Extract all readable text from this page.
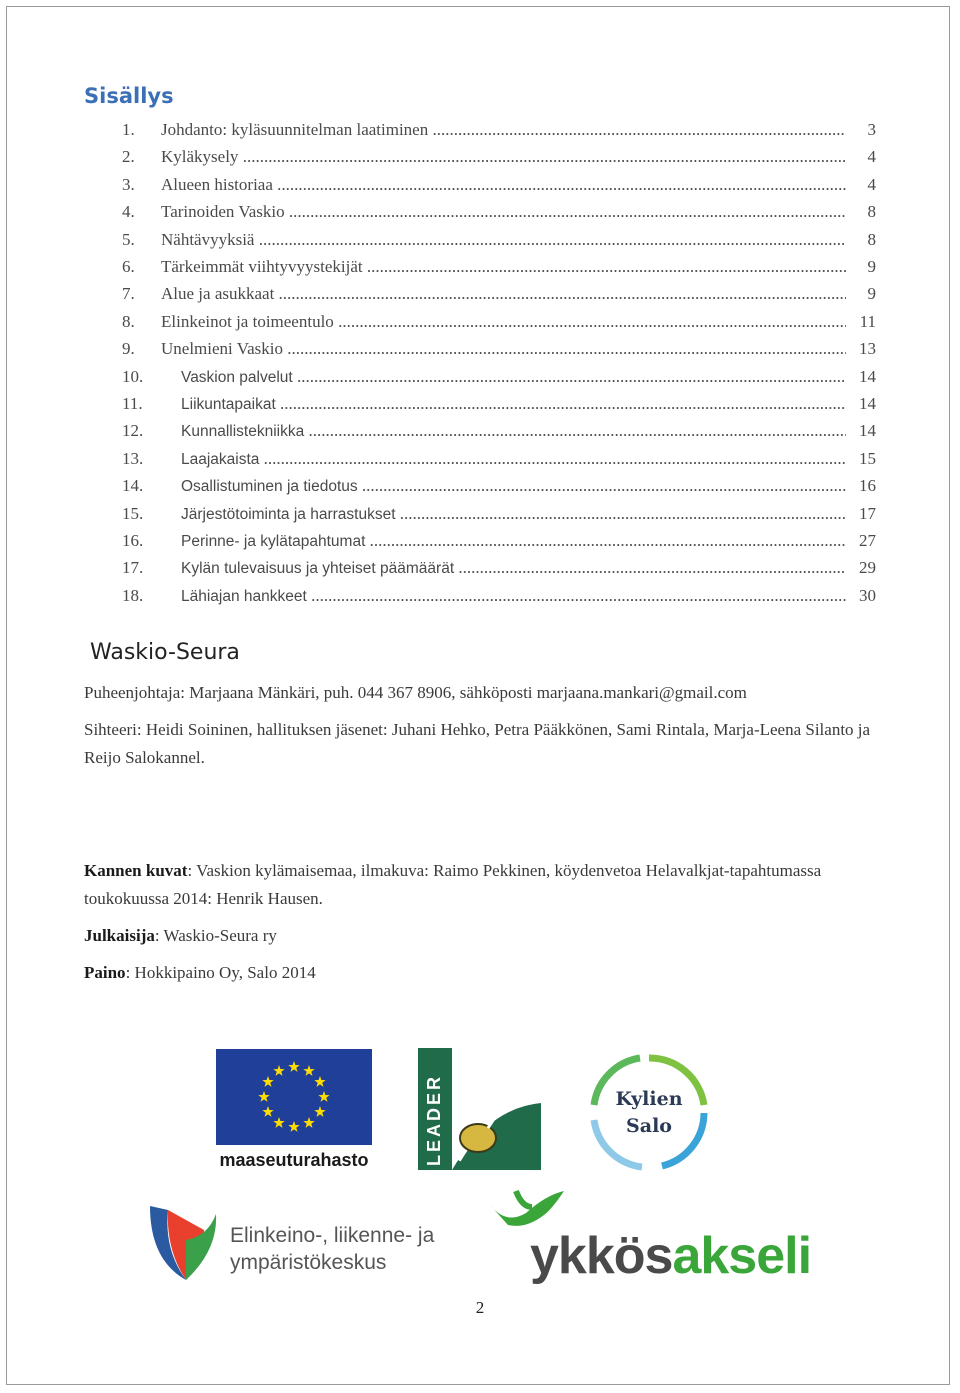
Sisällys
1.	Johdanto: kyläsuunnitelman laatiminen .....	3
2.	Kyläkysely .....	4
3.	Alueen historiaa .....	4
4.	Tarinoiden Vaskio .....	8
5.	Nähtävyyksiä .....	8
6.	Tärkeimmät viihtyvyystekijät .....	9
7.	Alue ja asukkaat .....	9
8.	Elinkeinot ja toimeentulo .....	11
9.	Unelmieni Vaskio .....	13
10.	Vaskion palvelut .....	14
11.	Liikuntapaikat .....	14
12.	Kunnallistekniikka .....	14
13.	Laajakaista .....	15
14.	Osallistuminen ja tiedotus .....	16
15.	Järjestötoiminta ja harrastukset .....	17
16.	Perinne- ja kylätapahtumat .....	27
17.	Kylän tulevaisuus ja yhteiset päämäärät .....	29
18.	Lähiajan hankkeet .....	30
Waskio-Seura

Puheenjohtaja: Marjaana Mänkäri, puh. 044 367 8906, sähköposti marjaana.mankari@gmail.com

Sihteeri: Heidi Soininen, hallituksen jäsenet: Juhani Hehko, Petra Pääkkönen, Sami Rintala, Marja-Leena Silanto ja Reijo Salokannel.

Kannen kuvat: Vaskion kylämaisemaa, ilmakuva: Raimo Pekkinen, köydenvetoa Helavalkjat-tapahtumassa toukokuussa 2014: Henrik Hausen.

Julkaisija: Waskio-Seura ry

Paino: Hokkipaino Oy, Salo 2014

maaseuturahasto	LEADER	Kylien
Salo
Elinkeino-, liikenne- ja
ympäristökeskus	ykkösakseli
2
